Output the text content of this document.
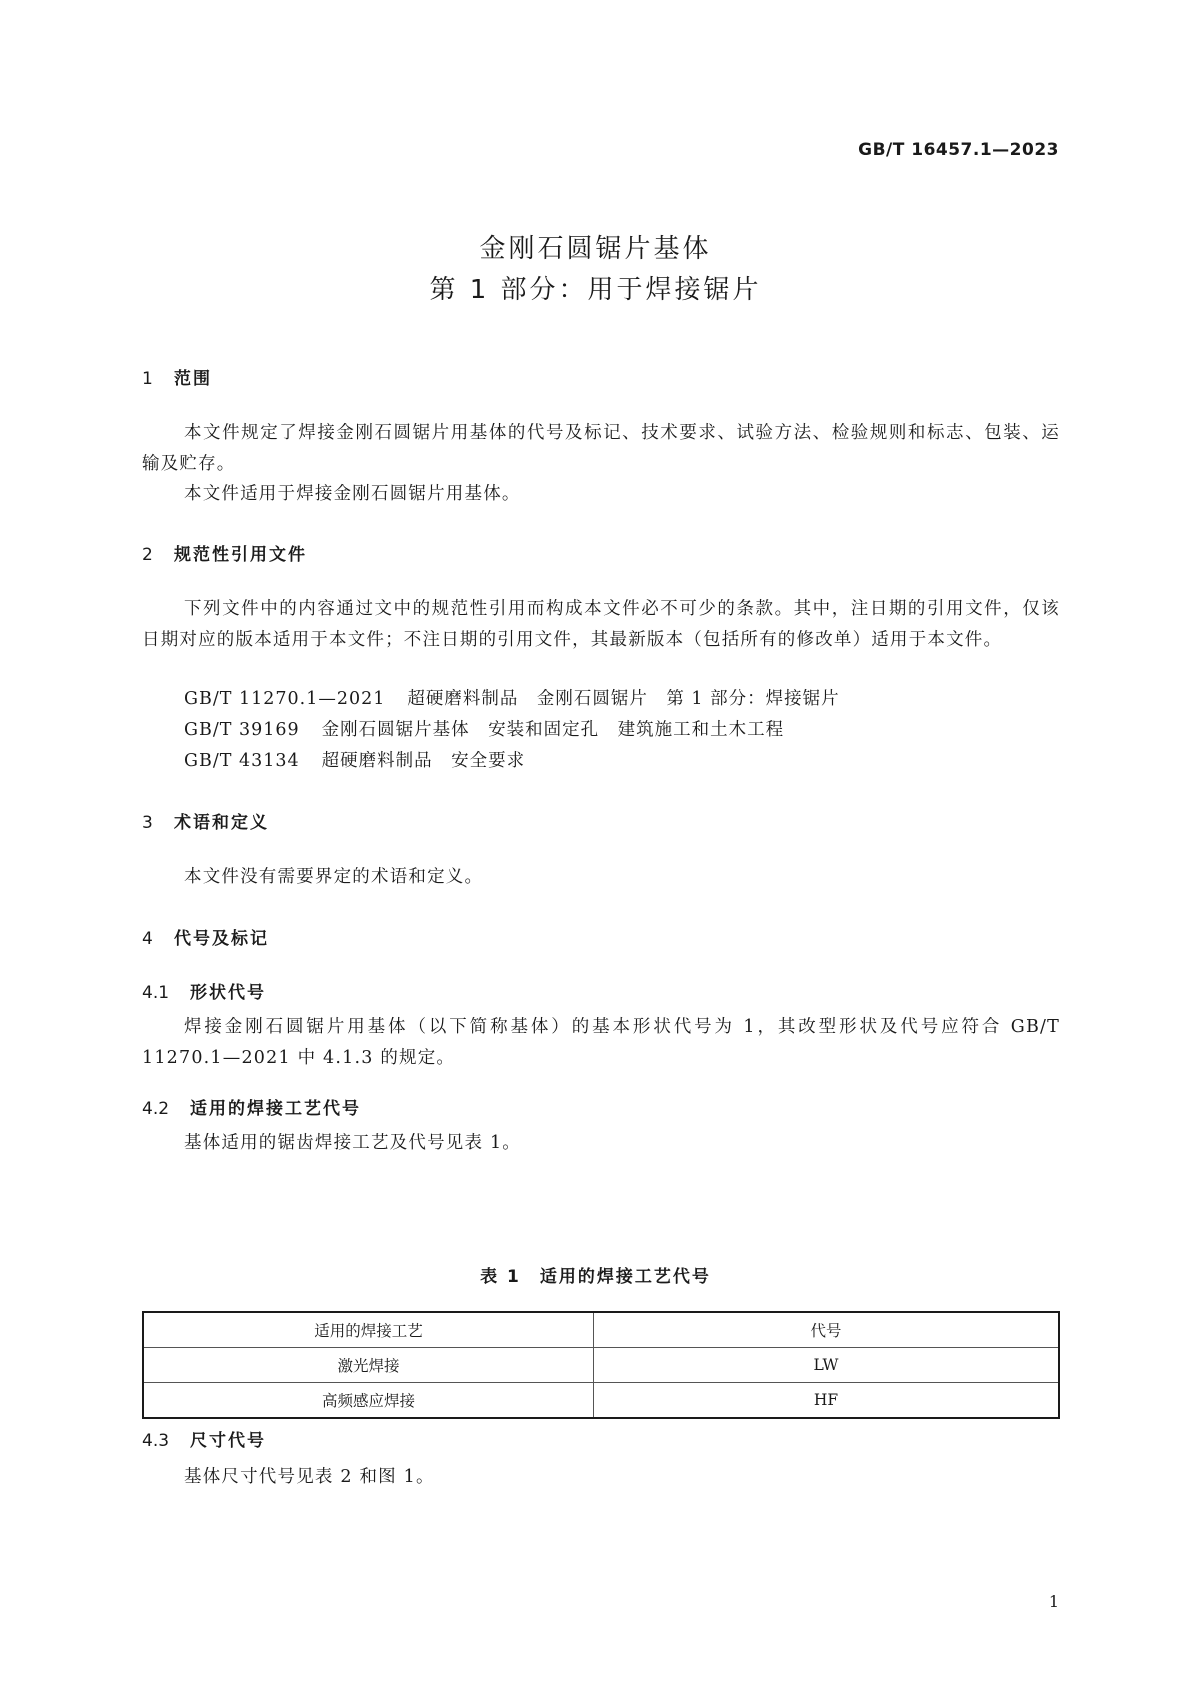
GB/T 16457.1—2023
金刚石圆锯片基体
第 1 部分：用于焊接锯片
1 范围
本文件规定了焊接金刚石圆锯片用基体的代号及标记、技术要求、试验方法、检验规则和标志、包装、运输及贮存。
本文件适用于焊接金刚石圆锯片用基体。
2 规范性引用文件
下列文件中的内容通过文中的规范性引用而构成本文件必不可少的条款。其中，注日期的引用文件，仅该日期对应的版本适用于本文件；不注日期的引用文件，其最新版本（包括所有的修改单）适用于本文件。
GB/T 11270.1—2021 超硬磨料制品　金刚石圆锯片　第 1 部分：焊接锯片
GB/T 39169 金刚石圆锯片基体　安装和固定孔　建筑施工和土木工程
GB/T 43134 超硬磨料制品　安全要求
3 术语和定义
本文件没有需要界定的术语和定义。
4 代号及标记
4.1 形状代号
焊接金刚石圆锯片用基体（以下简称基体）的基本形状代号为 1，其改型形状及代号应符合 GB/T 11270.1—2021 中 4.1.3 的规定。
4.2 适用的焊接工艺代号
基体适用的锯齿焊接工艺及代号见表 1。
表 1　适用的焊接工艺代号
适用的焊接工艺	代号
激光焊接	LW
高频感应焊接	HF
4.3 尺寸代号
基体尺寸代号见表 2 和图 1。
1
